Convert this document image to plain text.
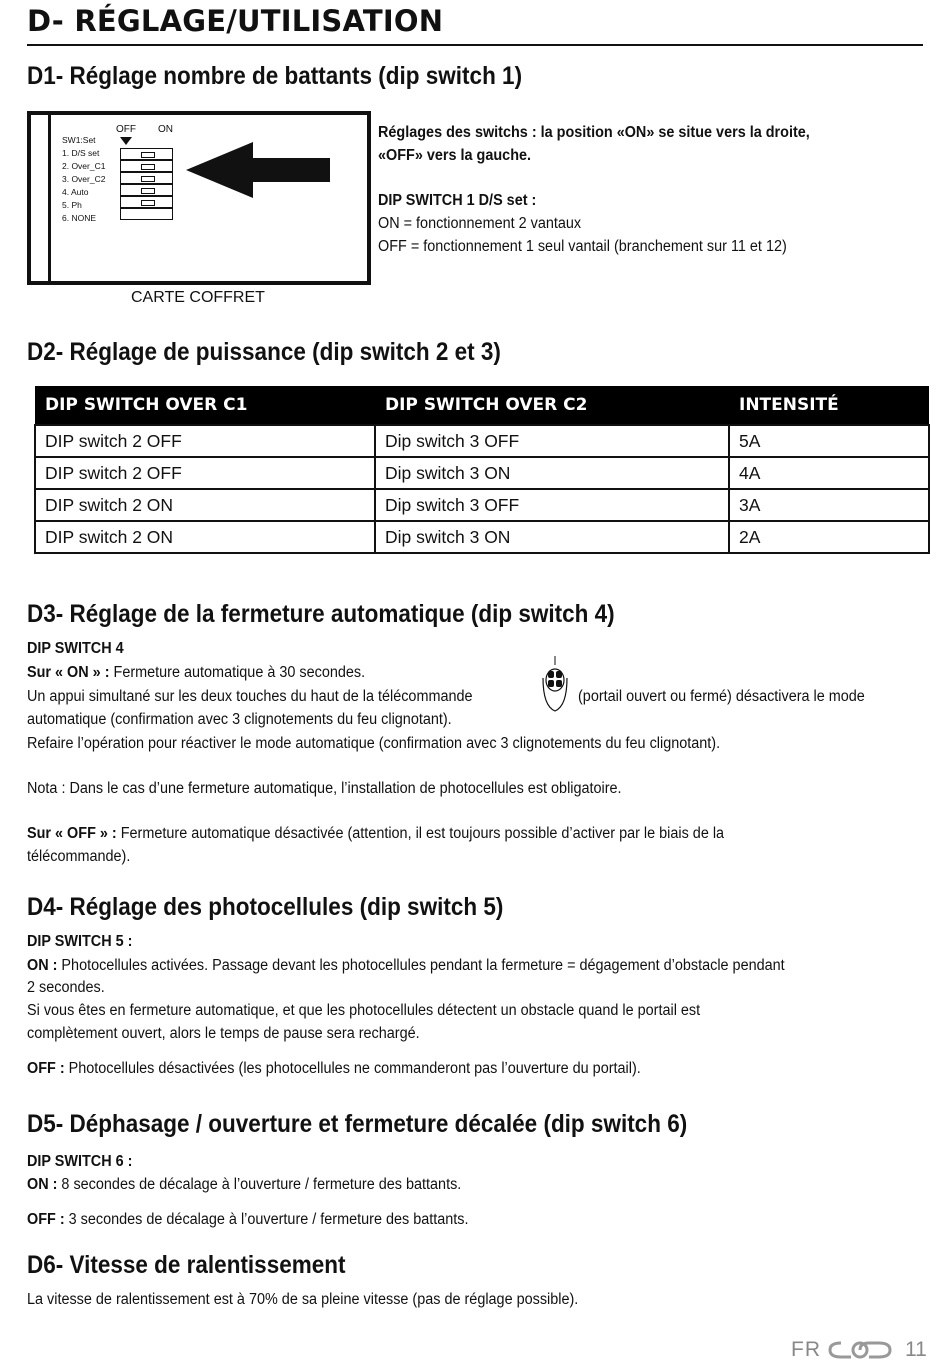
D- RÉGLAGE/UTILISATION
D1- Réglage nombre de battants (dip switch 1)
OFF ON
SW1:Set
1. D/S set
2. Over_C1
3. Over_C2
4. Auto
5. Ph
6. NONE
CARTE COFFRET
Réglages des switchs : la position «ON» se situe vers la droite,
«OFF» vers la gauche.
DIP SWITCH 1 D/S set :
ON = fonctionnement 2 vantaux
OFF = fonctionnement 1 seul vantail (branchement sur 11 et 12)
D2- Réglage de puissance (dip switch 2 et 3)
DIP SWITCH OVER C1	DIP SWITCH OVER C2	INTENSITÉ
DIP switch 2 OFF	Dip switch 3 OFF	5A
DIP switch 2 OFF	Dip switch 3 ON	4A
DIP switch 2 ON	Dip switch 3 OFF	3A
DIP switch 2 ON	Dip switch 3 ON	2A
D3- Réglage de la fermeture automatique (dip switch 4)
DIP SWITCH 4
Sur « ON » : Fermeture automatique à 30 secondes.
Un appui simultané sur les deux touches du haut de la télécommande	(portail ouvert ou fermé) désactivera le mode
automatique (confirmation avec 3 clignotements du feu clignotant).
Refaire l’opération pour réactiver le mode automatique (confirmation avec 3 clignotements du feu clignotant).
Nota : Dans le cas d’une fermeture automatique, l’installation de photocellules est obligatoire.
Sur « OFF » : Fermeture automatique désactivée (attention, il est toujours possible d’activer par le biais de la
télécommande).
D4- Réglage des photocellules (dip switch 5)
DIP SWITCH 5 :
ON : Photocellules activées. Passage devant les photocellules pendant la fermeture = dégagement d’obstacle pendant
2 secondes.
Si vous êtes en fermeture automatique, et que les photocellules détectent un obstacle quand le portail est
complètement ouvert, alors le temps de pause sera rechargé.
OFF : Photocellules désactivées (les photocellules ne commanderont pas l’ouverture du portail).
D5- Déphasage / ouverture et fermeture décalée (dip switch 6)
DIP SWITCH 6 :
ON : 8 secondes de décalage à l’ouverture / fermeture des battants.
OFF : 3 secondes de décalage à l’ouverture / fermeture des battants.
D6- Vitesse de ralentissement
La vitesse de ralentissement est à 70% de sa pleine vitesse (pas de réglage possible).
FR	11
